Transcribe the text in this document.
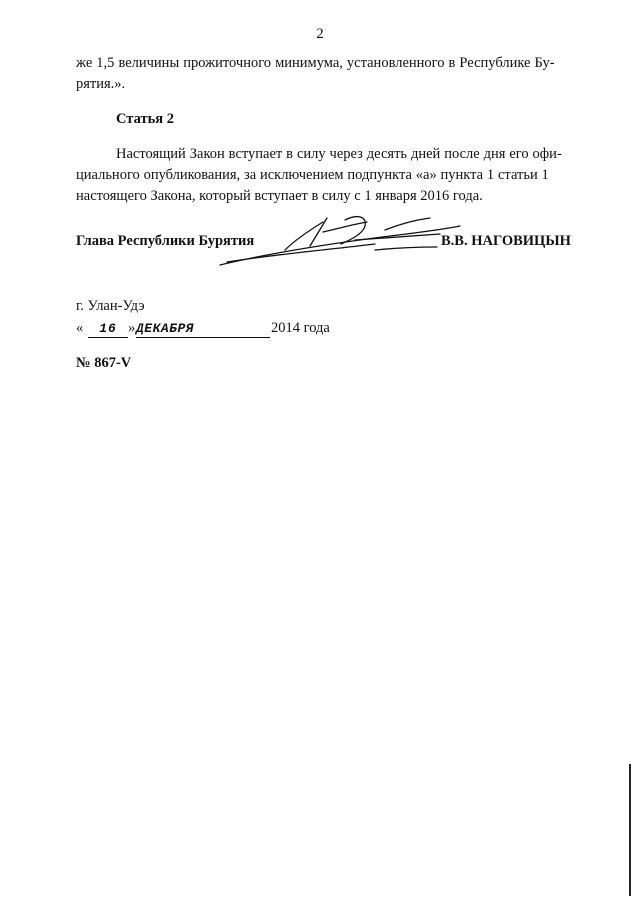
2
же 1,5 величины прожиточного минимума, установленного в Республике Бу-
рятия.».
Статья 2
Настоящий Закон вступает в силу через десять дней после дня его офи-
циального опубликования, за исключением подпункта «а» пункта 1 статьи 1
настоящего Закона, который вступает в силу с 1 января 2016 года.
Глава Республики Бурятия	В.В. НАГОВИЦЫН
г. Улан-Удэ
«	16 » ДЕКАБРЯ	2014 года
№ 867-V
